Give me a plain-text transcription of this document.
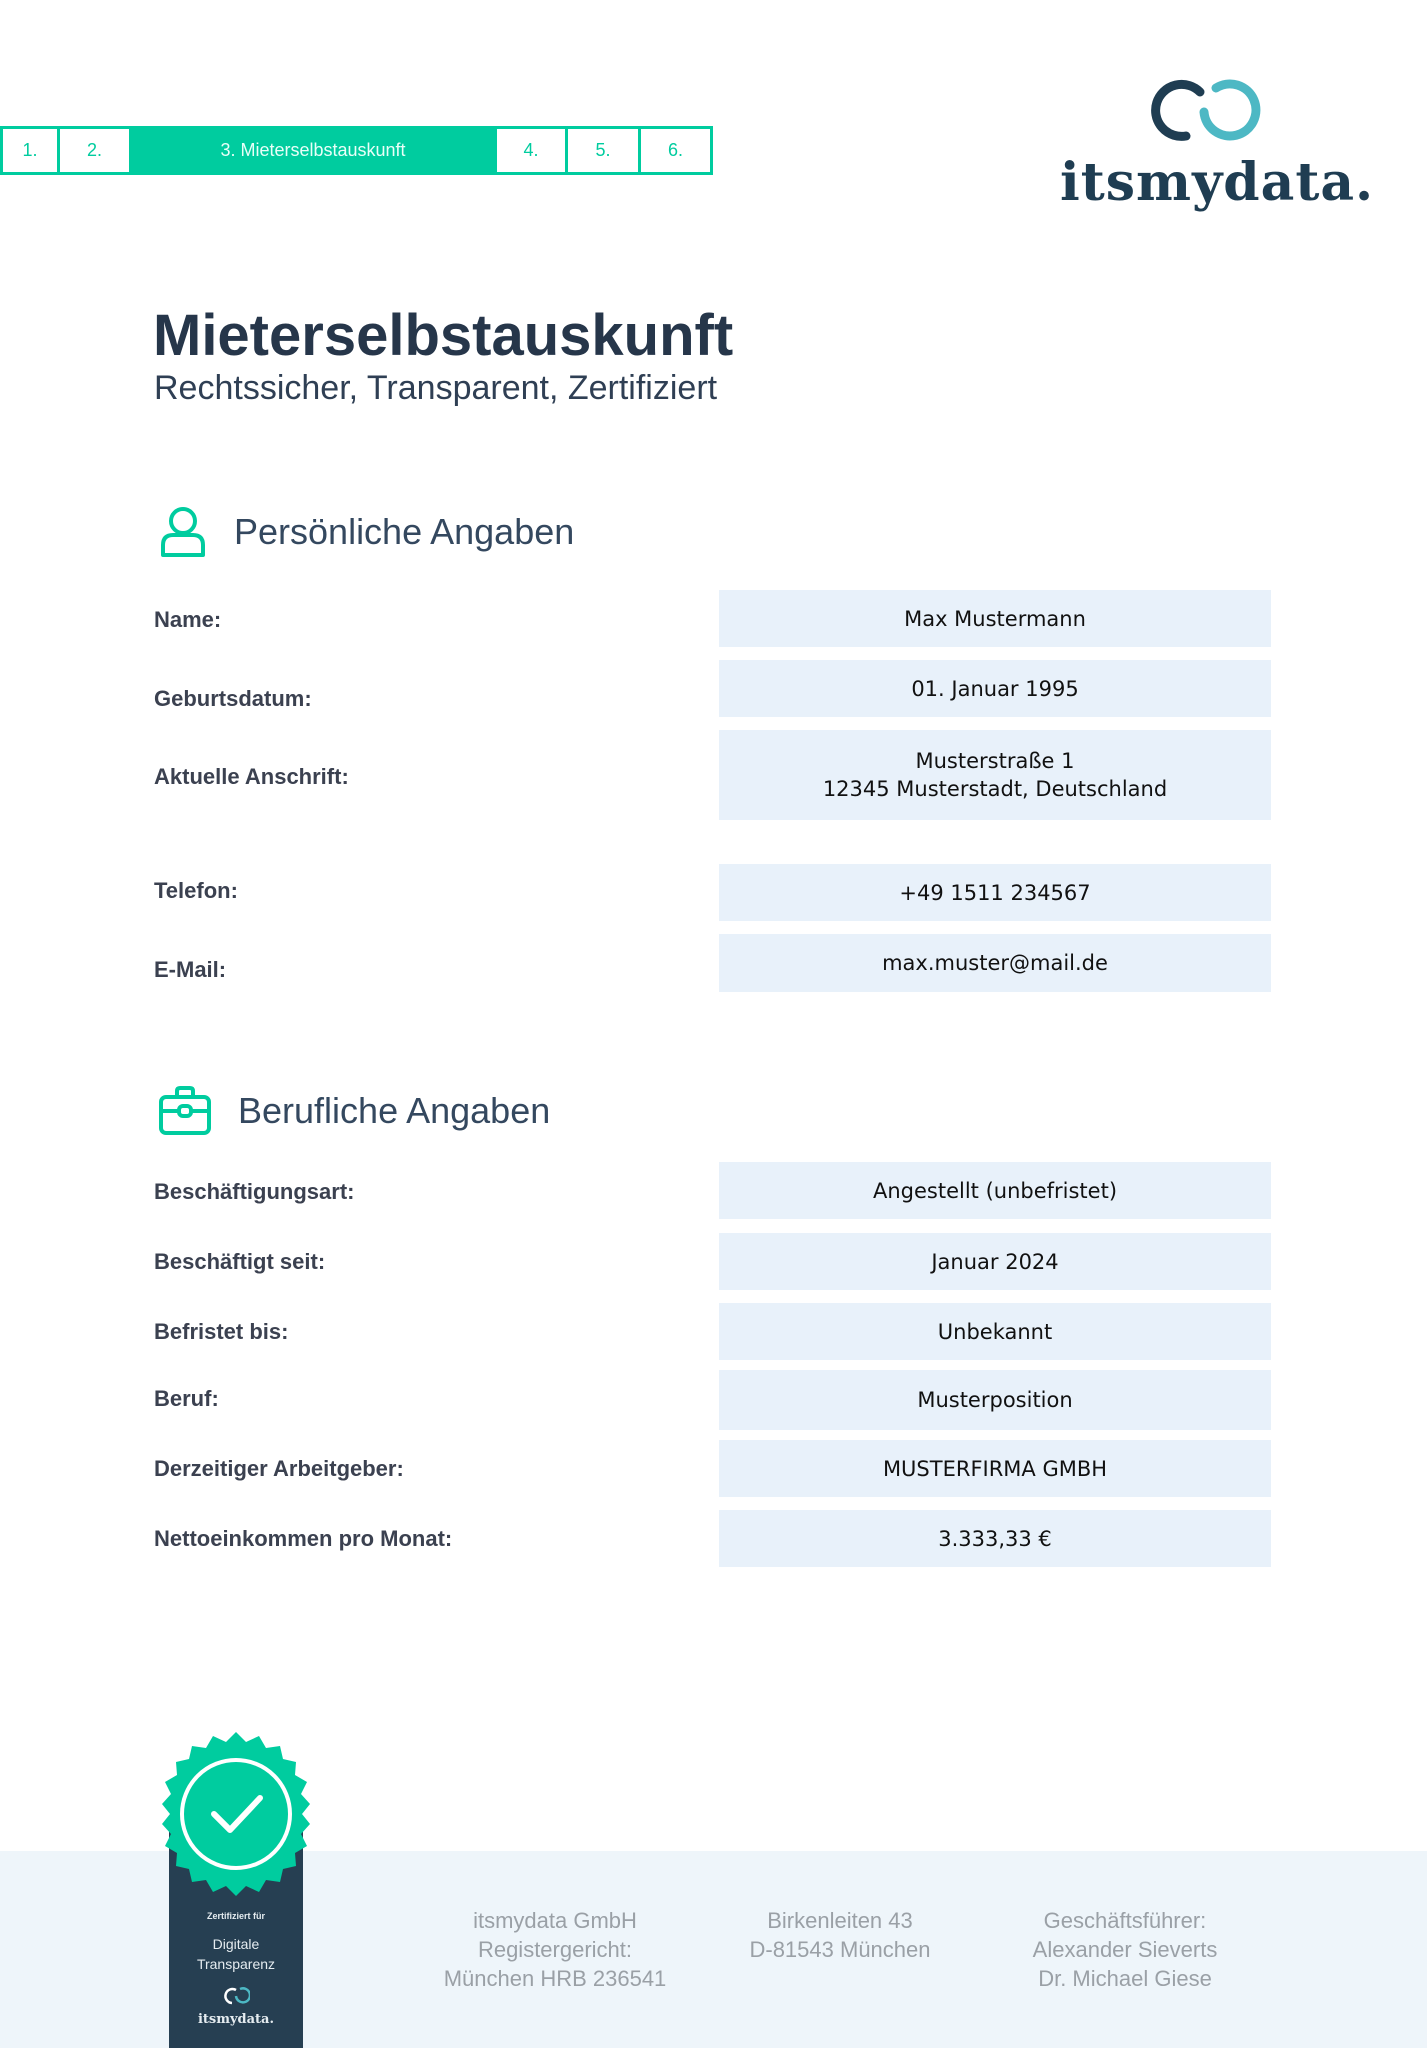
1.	2.	3. Mieterselbstauskunft	4.	5.	6.
itsmydata.
Mieterselbstauskunft
Rechtssicher, Transparent, Zertifiziert
Persönliche Angaben
Name:	Max Mustermann
Geburtsdatum:	01. Januar 1995
Aktuelle Anschrift:
Musterstraße 1
12345 Musterstadt, Deutschland
Telefon:	+49 1511 234567
E-Mail:	max.muster@mail.de
Berufliche Angaben
Beschäftigungsart:	Angestellt (unbefristet)
Beschäftigt seit:	Januar 2024
Befristet bis:	Unbekannt
Beruf:	Musterposition
Derzeitiger Arbeitgeber:	MUSTERFIRMA GMBH
Nettoeinkommen pro Monat:	3.333,33 €
itsmydata GmbH
Registergericht:
München HRB 236541
Birkenleiten 43
D-81543 München
Geschäftsführer:
Alexander Sieverts
Dr. Michael Giese
Zertifiziert für
Digitale
Transparenz
itsmydata.
